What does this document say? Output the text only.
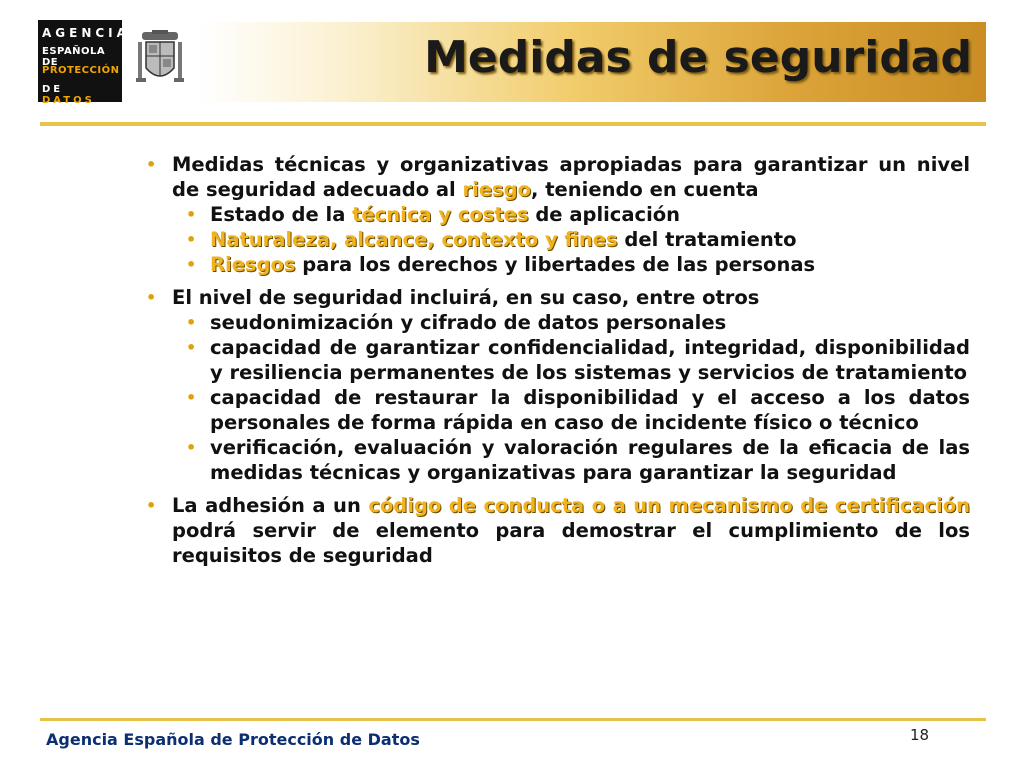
AGENCIA
ESPAÑOLA DE
PROTECCIÓN
DE DATOS
Medidas de seguridad
• Medidas técnicas y organizativas apropiadas para garantizar un nivel de seguridad adecuado al riesgo, teniendo en cuenta
• Estado de la técnica y costes de aplicación
• Naturaleza, alcance, contexto y fines del tratamiento
• Riesgos para los derechos y libertades de las personas
• El nivel de seguridad incluirá, en su caso, entre otros
• seudonimización y cifrado de datos personales
• capacidad de garantizar confidencialidad, integridad, disponibilidad y resiliencia permanentes de los sistemas y servicios de tratamiento
• capacidad de restaurar la disponibilidad y el acceso a los datos personales de forma rápida en caso de incidente físico o técnico
• verificación, evaluación y valoración regulares de la eficacia de las medidas técnicas y organizativas para garantizar la seguridad
• La adhesión a un código de conducta o a un mecanismo de certificación podrá servir de elemento para demostrar el cumplimiento de los requisitos de seguridad
Agencia Española de Protección de Datos	18
